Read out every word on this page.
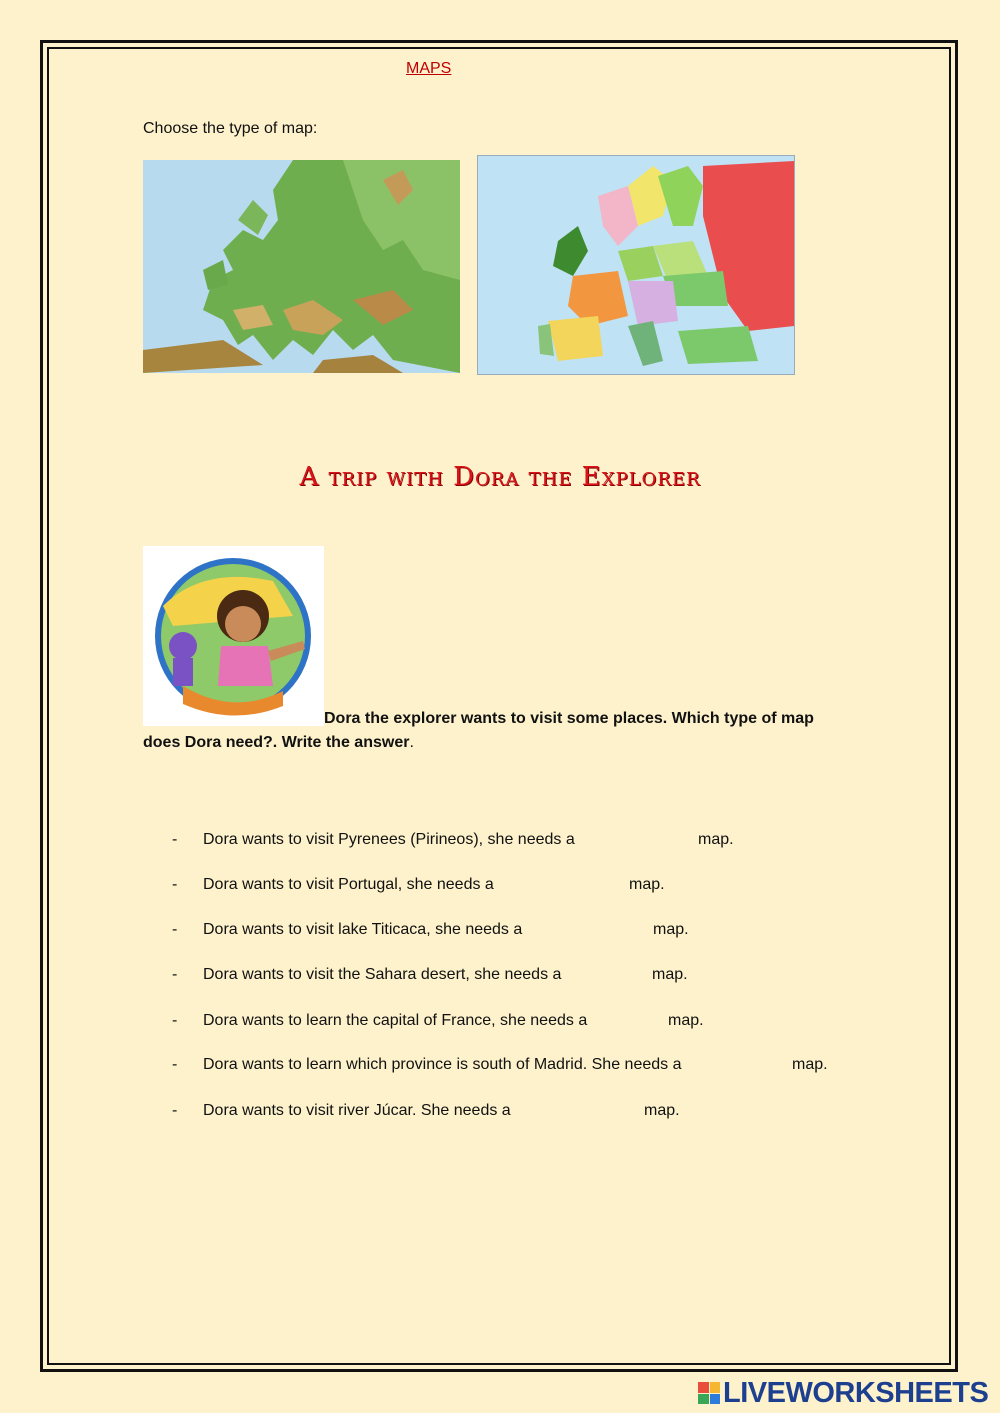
MAPS
Choose the type of map:
A trip with Dora the Explorer
Dora the explorer wants to visit some places. Which type of map
does Dora need?. Write the answer.
- Dora wants to visit Pyrenees (Pirineos), she needs a	map.
- Dora wants to visit Portugal, she needs a	map.
- Dora wants to visit lake Titicaca, she needs a	map.
- Dora wants to visit the Sahara desert, she needs a	map.
- Dora wants to learn the capital of France, she needs a	map.
- Dora wants to learn which province is south of Madrid. She needs a	map.
- Dora wants to visit river Júcar. She needs a	map.
LIVEWORKSHEETS
